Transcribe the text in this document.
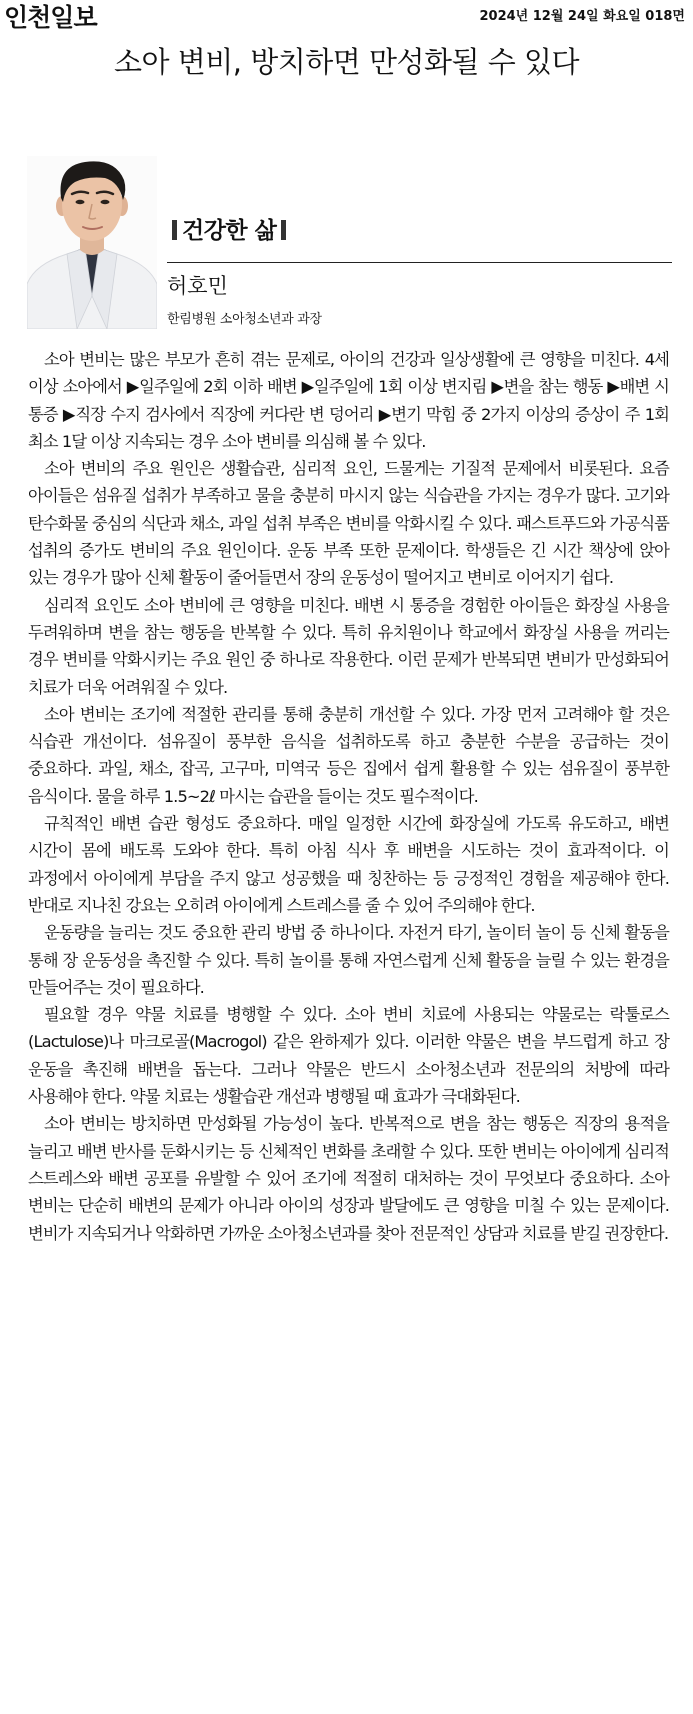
인천일보	2024년 12월 24일 화요일 018면
소아 변비, 방치하면 만성화될 수 있다
건강한 삶
허호민
한림병원 소아청소년과 과장

소아 변비는 많은 부모가 흔히 겪는 문제로, 아이의 건강과 일상생활에 큰 영향을 미친다. 4세 이상 소아에서 ▶일주일에 2회 이하 배변 ▶일주일에 1회 이상 변지림 ▶변을 참는 행동 ▶배변 시 통증 ▶직장 수지 검사에서 직장에 커다란 변 덩어리 ▶변기 막힘 중 2가지 이상의 증상이 주 1회 최소 1달 이상 지속되는 경우 소아 변비를 의심해 볼 수 있다.

소아 변비의 주요 원인은 생활습관, 심리적 요인, 드물게는 기질적 문제에서 비롯된다. 요즘 아이들은 섬유질 섭취가 부족하고 물을 충분히 마시지 않는 식습관을 가지는 경우가 많다. 고기와 탄수화물 중심의 식단과 채소, 과일 섭취 부족은 변비를 악화시킬 수 있다. 패스트푸드와 가공식품 섭취의 증가도 변비의 주요 원인이다. 운동 부족 또한 문제이다. 학생들은 긴 시간 책상에 앉아 있는 경우가 많아 신체 활동이 줄어들면서 장의 운동성이 떨어지고 변비로 이어지기 쉽다.

심리적 요인도 소아 변비에 큰 영향을 미친다. 배변 시 통증을 경험한 아이들은 화장실 사용을 두려워하며 변을 참는 행동을 반복할 수 있다. 특히 유치원이나 학교에서 화장실 사용을 꺼리는 경우 변비를 악화시키는 주요 원인 중 하나로 작용한다. 이런 문제가 반복되면 변비가 만성화되어 치료가 더욱 어려워질 수 있다.

소아 변비는 조기에 적절한 관리를 통해 충분히 개선할 수 있다. 가장 먼저 고려해야 할 것은 식습관 개선이다. 섬유질이 풍부한 음식을 섭취하도록 하고 충분한 수분을 공급하는 것이 중요하다. 과일, 채소, 잡곡, 고구마, 미역국 등은 집에서 쉽게 활용할 수 있는 섬유질이 풍부한 음식이다. 물을 하루 1.5~2ℓ 마시는 습관을 들이는 것도 필수적이다.

규칙적인 배변 습관 형성도 중요하다. 매일 일정한 시간에 화장실에 가도록 유도하고, 배변 시간이 몸에 배도록 도와야 한다. 특히 아침 식사 후 배변을 시도하는 것이 효과적이다. 이 과정에서 아이에게 부담을 주지 않고 성공했을 때 칭찬하는 등 긍정적인 경험을 제공해야 한다. 반대로 지나친 강요는 오히려 아이에게 스트레스를 줄 수 있어 주의해야 한다.

운동량을 늘리는 것도 중요한 관리 방법 중 하나이다. 자전거 타기, 놀이터 놀이 등 신체 활동을 통해 장 운동성을 촉진할 수 있다. 특히 놀이를 통해 자연스럽게 신체 활동을 늘릴 수 있는 환경을 만들어주는 것이 필요하다.

필요할 경우 약물 치료를 병행할 수 있다. 소아 변비 치료에 사용되는 약물로는 락툴로스(Lactulose)나 마크로골(Macrogol) 같은 완하제가 있다. 이러한 약물은 변을 부드럽게 하고 장 운동을 촉진해 배변을 돕는다. 그러나 약물은 반드시 소아청소년과 전문의의 처방에 따라 사용해야 한다. 약물 치료는 생활습관 개선과 병행될 때 효과가 극대화된다.

소아 변비는 방치하면 만성화될 가능성이 높다. 반복적으로 변을 참는 행동은 직장의 용적을 늘리고 배변 반사를 둔화시키는 등 신체적인 변화를 초래할 수 있다. 또한 변비는 아이에게 심리적 스트레스와 배변 공포를 유발할 수 있어 조기에 적절히 대처하는 것이 무엇보다 중요하다. 소아 변비는 단순히 배변의 문제가 아니라 아이의 성장과 발달에도 큰 영향을 미칠 수 있는 문제이다. 변비가 지속되거나 악화하면 가까운 소아청소년과를 찾아 전문적인 상담과 치료를 받길 권장한다.
